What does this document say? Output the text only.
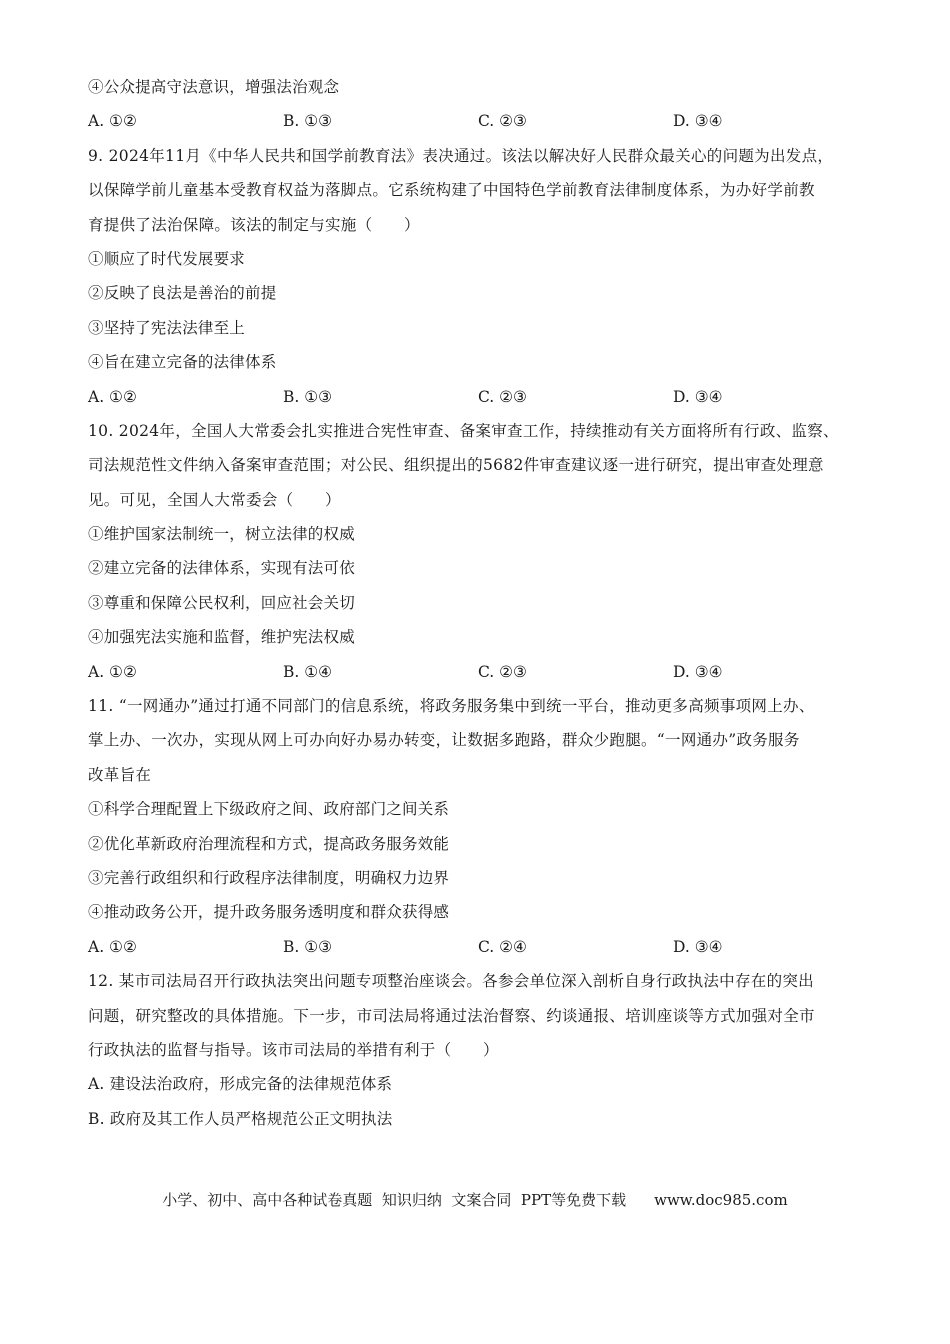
④公众提高守法意识，增强法治观念
A. ①②	B. ①③	C. ②③	D. ③④
9. 2024年11月《中华人民共和国学前教育法》表决通过。该法以解决好人民群众最关心的问题为出发点，
以保障学前儿童基本受教育权益为落脚点。它系统构建了中国特色学前教育法律制度体系，为办好学前教
育提供了法治保障。该法的制定与实施（　　）
①顺应了时代发展要求
②反映了良法是善治的前提
③坚持了宪法法律至上
④旨在建立完备的法律体系
A. ①②	B. ①③	C. ②③	D. ③④
10. 2024年，全国人大常委会扎实推进合宪性审查、备案审查工作，持续推动有关方面将所有行政、监察、
司法规范性文件纳入备案审查范围；对公民、组织提出的5682件审查建议逐一进行研究，提出审查处理意
见。可见，全国人大常委会（　　）
①维护国家法制统一，树立法律的权威
②建立完备的法律体系，实现有法可依
③尊重和保障公民权利，回应社会关切
④加强宪法实施和监督，维护宪法权威
A. ①②	B. ①④	C. ②③	D. ③④
11. “一网通办”通过打通不同部门的信息系统，将政务服务集中到统一平台，推动更多高频事项网上办、
掌上办、一次办，实现从网上可办向好办易办转变，让数据多跑路，群众少跑腿。“一网通办”政务服务
改革旨在
①科学合理配置上下级政府之间、政府部门之间关系
②优化革新政府治理流程和方式，提高政务服务效能
③完善行政组织和行政程序法律制度，明确权力边界
④推动政务公开，提升政务服务透明度和群众获得感
A. ①②	B. ①③	C. ②④	D. ③④
12. 某市司法局召开行政执法突出问题专项整治座谈会。各参会单位深入剖析自身行政执法中存在的突出
问题，研究整改的具体措施。下一步，市司法局将通过法治督察、约谈通报、培训座谈等方式加强对全市
行政执法的监督与指导。该市司法局的举措有利于（　　）
A. 建设法治政府，形成完备的法律规范体系
B. 政府及其工作人员严格规范公正文明执法
小学、初中、高中各种试卷真题  知识归纳  文案合同  PPT等免费下载 www.doc985.com
